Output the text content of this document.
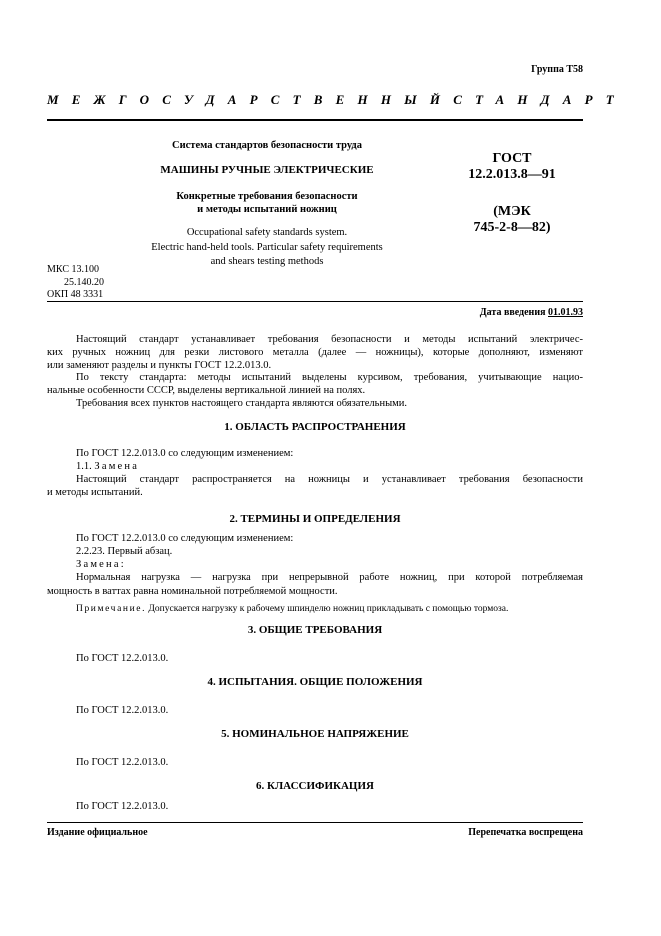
Группа Т58
МЕЖГОСУДАРСТВЕННЫЙ СТАНДАРТ
Система стандартов безопасности труда
МАШИНЫ РУЧНЫЕ ЭЛЕКТРИЧЕСКИЕ
Конкретные требования безопасности
и методы испытаний ножниц
Occupational safety standards system.
Electric hand-held tools. Particular safety requirements
and shears testing methods
ГОСТ
12.2.013.8—91
(МЭК
745-2-8—82)
МКС 13.100
25.140.20
ОКП 48 3331
Дата введения 01.01.93
Настоящий стандарт устанавливает требования безопасности и методы испытаний электричес-
ких ручных ножниц для резки листового металла (далее — ножницы), которые дополняют, изменяют
или заменяют разделы и пункты ГОСТ 12.2.013.0.
По тексту стандарта: методы испытаний выделены курсивом, требования, учитывающие нацио-
нальные особенности СССР, выделены вертикальной линией на полях.
Требования всех пунктов настоящего стандарта являются обязательными.
1. ОБЛАСТЬ РАСПРОСТРАНЕНИЯ
По ГОСТ 12.2.013.0 со следующим изменением:
1.1. Замена
Настоящий стандарт распространяется на ножницы и устанавливает требования безопасности
и методы испытаний.
2. ТЕРМИНЫ И ОПРЕДЕЛЕНИЯ
По ГОСТ 12.2.013.0 со следующим изменением:
2.2.23. Первый абзац.
Замена:
Нормальная нагрузка — нагрузка при непрерывной работе ножниц, при которой потребляемая
мощность в ваттах равна номинальной потребляемой мощности.
Примечание. Допускается нагрузку к рабочему шпинделю ножниц прикладывать с помощью тормоза.
3. ОБЩИЕ ТРЕБОВАНИЯ
По ГОСТ 12.2.013.0.
4. ИСПЫТАНИЯ. ОБЩИЕ ПОЛОЖЕНИЯ
По ГОСТ 12.2.013.0.
5. НОМИНАЛЬНОЕ НАПРЯЖЕНИЕ
По ГОСТ 12.2.013.0.
6. КЛАССИФИКАЦИЯ
По ГОСТ 12.2.013.0.
Издание официальное	Перепечатка воспрещена
